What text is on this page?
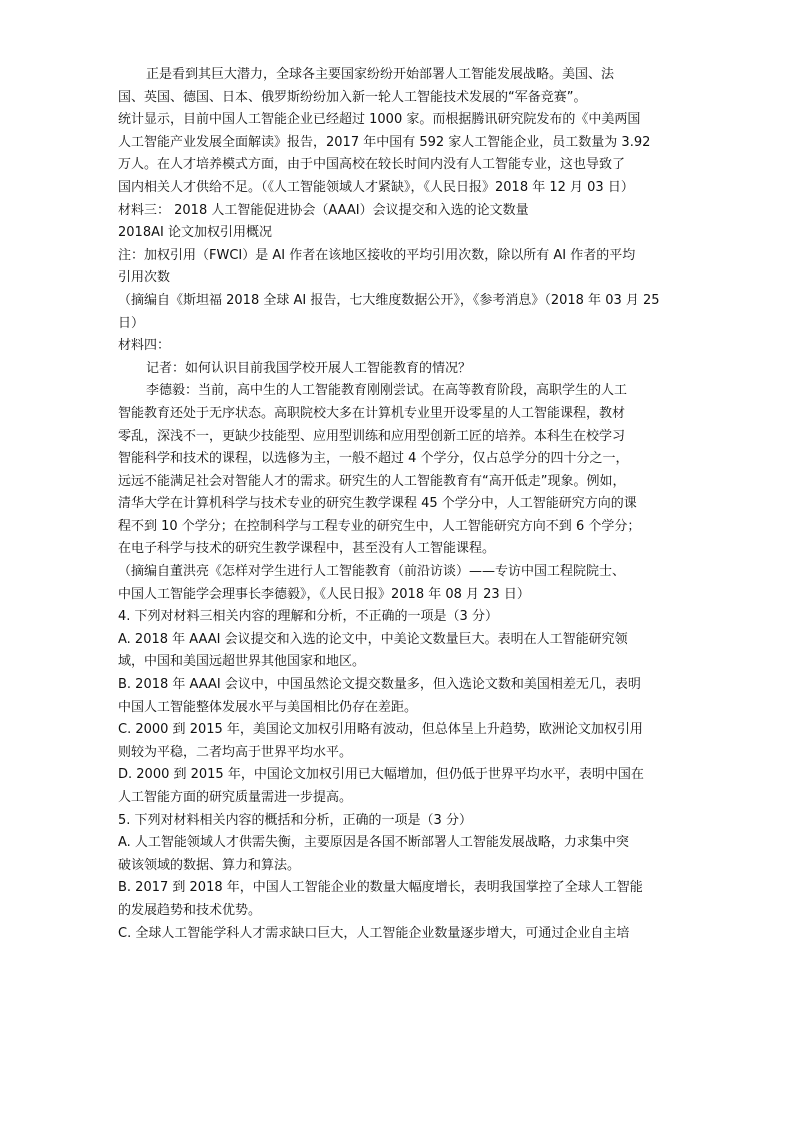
正是看到其巨大潜力，全球各主要国家纷纷开始部署人工智能发展战略。美国、法
国、英国、德国、日本、俄罗斯纷纷加入新一轮人工智能技术发展的“军备竞赛”。
统计显示，目前中国人工智能企业已经超过 1000 家。而根据腾讯研究院发布的《中美两国
人工智能产业发展全面解读》报告，2017 年中国有 592 家人工智能企业，员工数量为 3.92
万人。在人才培养模式方面，由于中国高校在较长时间内没有人工智能专业，这也导致了
国内相关人才供给不足。（《人工智能领域人才紧缺》，《人民日报》2018 年 12 月 03 日）
材料三： 2018 人工智能促进协会（AAAI）会议提交和入选的论文数量
2018AI 论文加权引用概况
注：加权引用（FWCI）是 AI 作者在该地区接收的平均引用次数，除以所有 AI 作者的平均
引用次数
（摘编自《斯坦福 2018 全球 AI 报告，七大维度数据公开》，《参考消息》（2018 年 03 月 25
日）
材料四：
记者：如何认识目前我国学校开展人工智能教育的情况？
李德毅：当前，高中生的人工智能教育刚刚尝试。在高等教育阶段，高职学生的人工
智能教育还处于无序状态。高职院校大多在计算机专业里开设零星的人工智能课程，教材
零乱，深浅不一，更缺少技能型、应用型训练和应用型创新工匠的培养。本科生在校学习
智能科学和技术的课程，以选修为主，一般不超过 4 个学分，仅占总学分的四十分之一，
远远不能满足社会对智能人才的需求。研究生的人工智能教育有“高开低走”现象。例如，
清华大学在计算机科学与技术专业的研究生教学课程 45 个学分中，人工智能研究方向的课
程不到 10 个学分；在控制科学与工程专业的研究生中，人工智能研究方向不到 6 个学分；
在电子科学与技术的研究生教学课程中，甚至没有人工智能课程。
（摘编自董洪亮《怎样对学生进行人工智能教育（前沿访谈）——专访中国工程院院士、
中国人工智能学会理事长李德毅》，《人民日报》2018 年 08 月 23 日）
4. 下列对材料三相关内容的理解和分析，不正确的一项是（3 分）
A. 2018 年 AAAI 会议提交和入选的论文中，中美论文数量巨大。表明在人工智能研究领
域，中国和美国远超世界其他国家和地区。
B. 2018 年 AAAI 会议中，中国虽然论文提交数量多，但入选论文数和美国相差无几，表明
中国人工智能整体发展水平与美国相比仍存在差距。
C. 2000 到 2015 年，美国论文加权引用略有波动，但总体呈上升趋势，欧洲论文加权引用
则较为平稳，二者均高于世界平均水平。
D. 2000 到 2015 年，中国论文加权引用已大幅增加，但仍低于世界平均水平，表明中国在
人工智能方面的研究质量需进一步提高。
5. 下列对材料相关内容的概括和分析，正确的一项是（3 分）
A. 人工智能领域人才供需失衡，主要原因是各国不断部署人工智能发展战略，力求集中突
破该领域的数据、算力和算法。
B. 2017 到 2018 年，中国人工智能企业的数量大幅度增长，表明我国掌控了全球人工智能
的发展趋势和技术优势。
C. 全球人工智能学科人才需求缺口巨大，人工智能企业数量逐步增大，可通过企业自主培
